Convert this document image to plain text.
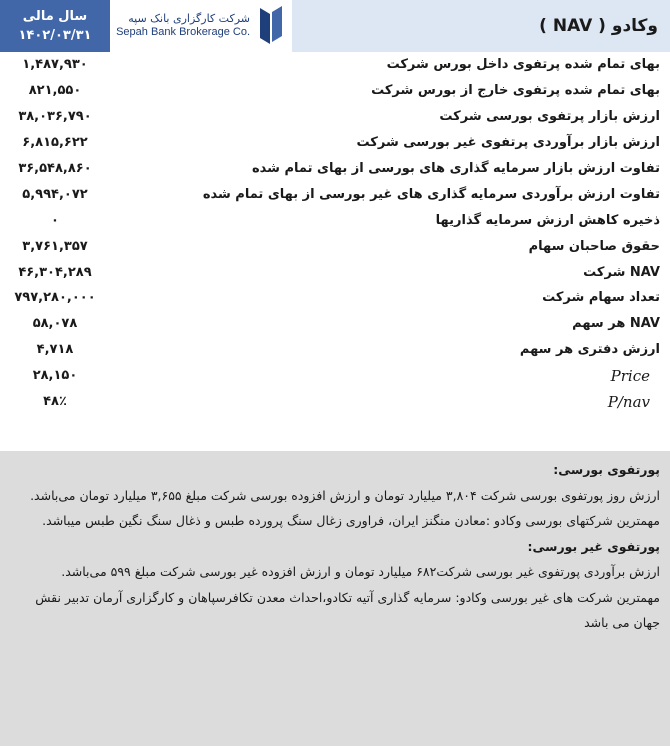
سال مالی
۱۴۰۲/۰۳/۳۱
شرکت کارگزاری بانک سپه
Sepah Bank Brokerage Co.	وکادو ( NAV )
۱,۴۸۷,۹۳۰	بهای تمام شده پرتفوی داخل بورس شرکت
۸۲۱,۵۵۰	بهای تمام شده پرتفوی خارج از بورس شرکت
۳۸,۰۳۶,۷۹۰	ارزش بازار پرتفوی بورسی شرکت
۶,۸۱۵,۶۲۲	ارزش بازار برآوردی پرتفوی غیر بورسی شرکت
۳۶,۵۴۸,۸۶۰	تفاوت ارزش بازار سرمایه گذاری های بورسی از بهای تمام شده
۵,۹۹۴,۰۷۲	تفاوت ارزش برآوردی سرمایه گذاری های غیر بورسی از بهای تمام شده
۰	ذخیره کاهش ارزش سرمایه گذاریها
۳,۷۶۱,۳۵۷	حقوق صاحبان سهام
۴۶,۳۰۴,۲۸۹	NAV شرکت
۷۹۷,۲۸۰,۰۰۰	تعداد سهام شرکت
۵۸,۰۷۸	NAV هر سهم
۴,۷۱۸	ارزش دفتری هر سهم
۲۸,۱۵۰	Price
۴۸٪	P/nav

پورتفوی بورسی:

ارزش روز پورتفوی بورسی شرکت ۳,۸۰۴ میلیارد تومان و ارزش افزوده بورسی شرکت مبلغ ۳,۶۵۵ میلیارد تومان می‌باشد.

مهمترین شرکتهای بورسی وکادو :معادن منگنز ایران، فراوری زغال سنگ پرورده طبس و ذغال سنگ نگین طبس میباشد.

پورتفوی غیر بورسی:

ارزش برآوردی پورتفوی غیر بورسی شرکت۶۸۲ میلیارد تومان و ارزش افزوده غیر بورسی شرکت مبلغ ۵۹۹ می‌باشد.

مهمترین شرکت های غیر بورسی وکادو: سرمایه گذاری آتیه تکادو،احداث معدن تکافرسپاهان و کارگزاری آرمان تدبیر نقش جهان می باشد
